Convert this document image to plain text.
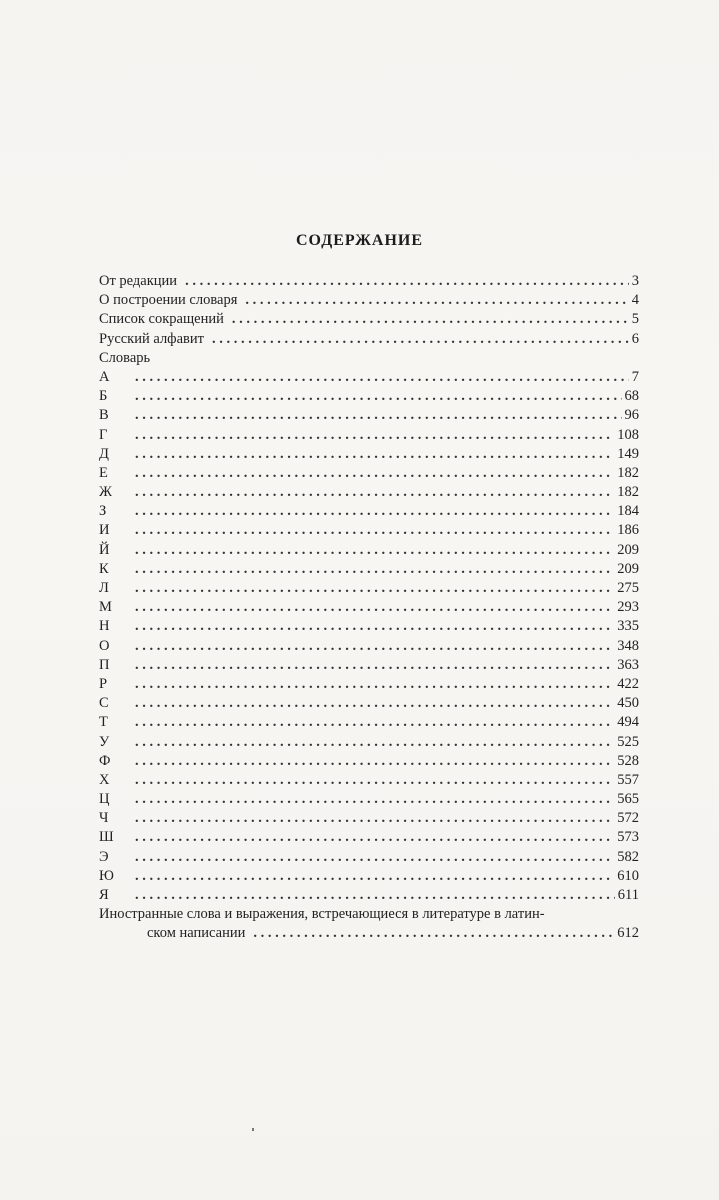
СОДЕРЖАНИЕ
От редакции . . .	3
О построении словаря . . .	4
Список сокращений . . .	5
Русский алфавит . . .	6
Словарь
А . . .	7
Б . . .	68
В . . .	96
Г . . .	108
Д . . .	149
Е . . .	182
Ж . . .	182
З . . .	184
И . . .	186
Й . . .	209
К . . .	209
Л . . .	275
М . . .	293
Н . . .	335
О . . .	348
П . . .	363
Р . . .	422
С . . .	450
Т . . .	494
У . . .	525
Ф . . .	528
Х . . .	557
Ц . . .	565
Ч . . .	572
Ш . . .	573
Э . . .	582
Ю . . .	610
Я . . .	611
Иностранные слова и выражения, встречающиеся в литературе в латин-
ском написании . . .	612
